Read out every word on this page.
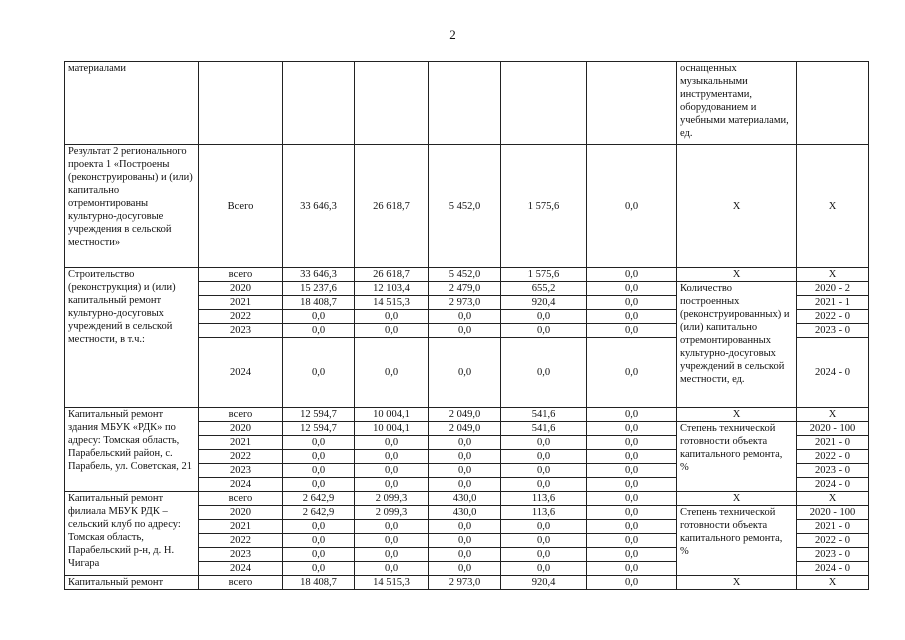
2
материалами							оснащенных музыкальными инструментами, оборудованием и учебными материалами, ед.	
Результат 2 регионального проекта 1 «Построены (реконструированы) и (или) капитально отремонтированы культурно-досуговые учреждения в сельской местности»	Всего	33 646,3	26 618,7	5 452,0	1 575,6	0,0	X	X
Строительство (реконструкция) и (или) капитальный ремонт культурно-досуговых учреждений в сельской местности, в т.ч.:	всего	33 646,3	26 618,7	5 452,0	1 575,6	0,0	X	X
	2020	15 237,6	12 103,4	2 479,0	655,2	0,0	Количество построенных (реконструированных) и (или) капитально отремонтированных культурно-досуговых учреждений в сельской местности, ед.	2020 - 2
	2021	18 408,7	14 515,3	2 973,0	920,4	0,0		2021 - 1
	2022	0,0	0,0	0,0	0,0	0,0		2022 - 0
	2023	0,0	0,0	0,0	0,0	0,0		2023 - 0
	2024	0,0	0,0	0,0	0,0	0,0		2024 - 0
Капитальный ремонт здания МБУК «РДК» по адресу: Томская область, Парабельский район, с. Парабель, ул. Советская, 21	всего	12 594,7	10 004,1	2 049,0	541,6	0,0	X	X
	2020	12 594,7	10 004,1	2 049,0	541,6	0,0	Степень технической готовности объекта капитального ремонта, %	2020 - 100
	2021	0,0	0,0	0,0	0,0	0,0		2021 - 0
	2022	0,0	0,0	0,0	0,0	0,0		2022 - 0
	2023	0,0	0,0	0,0	0,0	0,0		2023 - 0
	2024	0,0	0,0	0,0	0,0	0,0		2024 - 0
Капитальный ремонт филиала МБУК РДК – сельский клуб по адресу: Томская область, Парабельский р-н, д. Н. Чигара	всего	2 642,9	2 099,3	430,0	113,6	0,0	X	X
	2020	2 642,9	2 099,3	430,0	113,6	0,0	Степень технической готовности объекта капитального ремонта, %	2020 - 100
	2021	0,0	0,0	0,0	0,0	0,0		2021 - 0
	2022	0,0	0,0	0,0	0,0	0,0		2022 - 0
	2023	0,0	0,0	0,0	0,0	0,0		2023 - 0
	2024	0,0	0,0	0,0	0,0	0,0		2024 - 0
Капитальный ремонт	всего	18 408,7	14 515,3	2 973,0	920,4	0,0	X	X
